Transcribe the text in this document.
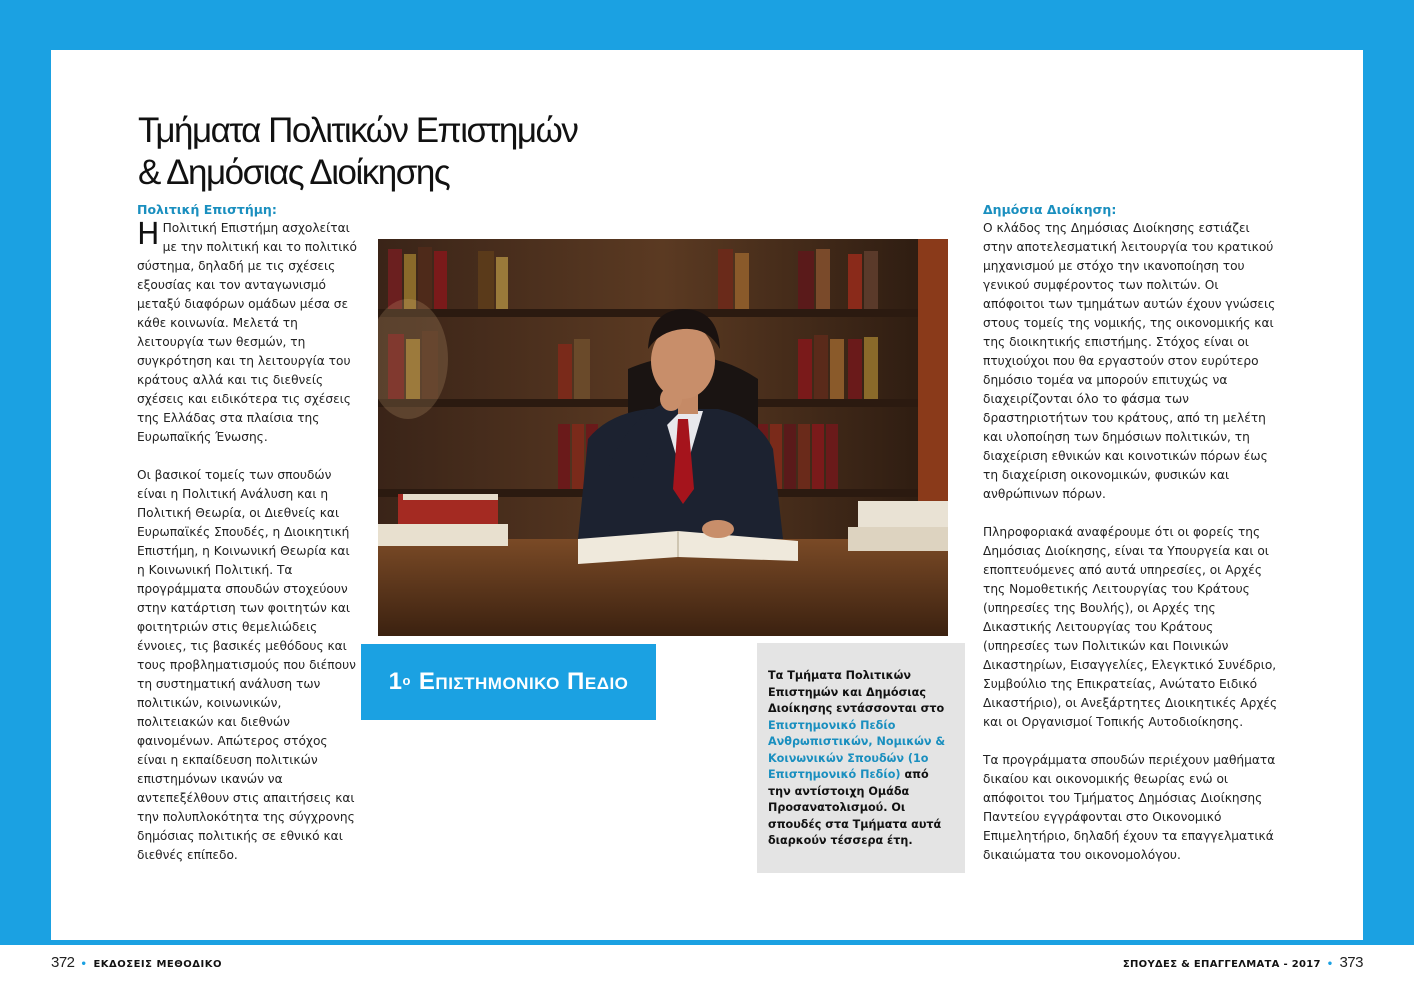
Τμήματα Πολιτικών Επιστημών
& Δημόσιας Διοίκησης
Πολιτική Επιστήμη:

Η Πολιτική Επιστήμη ασχολείται με την πολιτική και το πολιτικό σύστημα, δηλαδή με τις σχέσεις εξουσίας και τον ανταγωνισμό μεταξύ διαφόρων ομάδων μέσα σε κάθε κοινωνία. Μελετά τη λειτουργία των θεσμών, τη συγκρότηση και τη λειτουργία του κράτους αλλά και τις διεθνείς σχέσεις και ειδικότερα τις σχέσεις της Ελλάδας στα πλαίσια της Ευρωπαϊκής Ένωσης.

Οι βασικοί τομείς των σπουδών είναι η Πολιτική Ανάλυση και η Πολιτική Θεωρία, οι Διεθνείς και Ευρωπαϊκές Σπουδές, η Διοικητική Επιστήμη, η Κοινωνική Θεωρία και η Κοινωνική Πολιτική. Τα προγράμματα σπουδών στοχεύουν στην κατάρτιση των φοιτητών και φοιτητριών στις θεμελιώδεις έννοιες, τις βασικές μεθόδους και τους προβληματισμούς που διέπουν τη συστηματική ανάλυση των πολιτικών, κοινωνικών, πολιτειακών και διεθνών φαινομένων. Απώτερος στόχος είναι η εκπαίδευση πολιτικών επιστημόνων ικανών να αντεπεξέλθουν στις απαιτήσεις και την πολυπλοκότητα της σύγχρονης δημόσιας πολιτικής σε εθνικό και διεθνές επίπεδο.

$1^o$ Επιστημονικο Πεδιο	Τα Τμήματα Πολιτικών Επιστημών και Δημόσιας Διοίκησης εντάσσονται στο Επιστημονικό Πεδίο Ανθρωπιστικών, Νομικών & Κοινωνικών Σπουδών (1ο Επιστημονικό Πεδίο) από την αντίστοιχη Ομάδα Προσανατολισμού. Οι σπουδές στα Τμήματα αυτά διαρκούν τέσσερα έτη.
Δημόσια Διοίκηση:

Ο κλάδος της Δημόσιας Διοίκησης εστιάζει στην αποτελεσματική λειτουργία του κρατικού μηχανισμού με στόχο την ικανοποίηση του γενικού συμφέροντος των πολιτών. Οι απόφοιτοι των τμημάτων αυτών έχουν γνώσεις στους τομείς της νομικής, της οικονομικής και της διοικητικής επιστήμης. Στόχος είναι οι πτυχιούχοι που θα εργαστούν στον ευρύτερο δημόσιο τομέα να μπορούν επιτυχώς να διαχειρίζονται όλο το φάσμα των δραστηριοτήτων του κράτους, από τη μελέτη και υλοποίηση των δημόσιων πολιτικών, τη διαχείριση εθνικών και κοινοτικών πόρων έως τη διαχείριση οικονομικών, φυσικών και ανθρώπινων πόρων.

Πληροφοριακά αναφέρουμε ότι οι φορείς της Δημόσιας Διοίκησης, είναι τα Υπουργεία και οι εποπτευόμενες από αυτά υπηρεσίες, οι Αρχές της Νομοθετικής Λειτουργίας του Κράτους (υπηρεσίες της Βουλής), οι Αρχές της Δικαστικής Λειτουργίας του Κράτους (υπηρεσίες των Πολιτικών και Ποινικών Δικαστηρίων, Εισαγγελίες, Ελεγκτικό Συνέδριο, Συμβούλιο της Επικρατείας, Ανώτατο Ειδικό Δικαστήριο), οι Ανεξάρτητες Διοικητικές Αρχές και οι Οργανισμοί Τοπικής Αυτοδιοίκησης.

Τα προγράμματα σπουδών περιέχουν μαθήματα δικαίου και οικονομικής θεωρίας ενώ οι απόφοιτοι του Τμήματος Δημόσιας Διοίκησης Παντείου εγγράφονται στο Οικονομικό Επιμελητήριο, δηλαδή έχουν τα επαγγελματικά δικαιώματα του οικονομολόγου.

372 • ΕΚΔΟΣΕΙΣ ΜΕΘΟΔΙΚΟ	ΣΠΟΥΔΕΣ & ΕΠΑΓΓΕΛΜΑΤΑ - 2017 • 373
